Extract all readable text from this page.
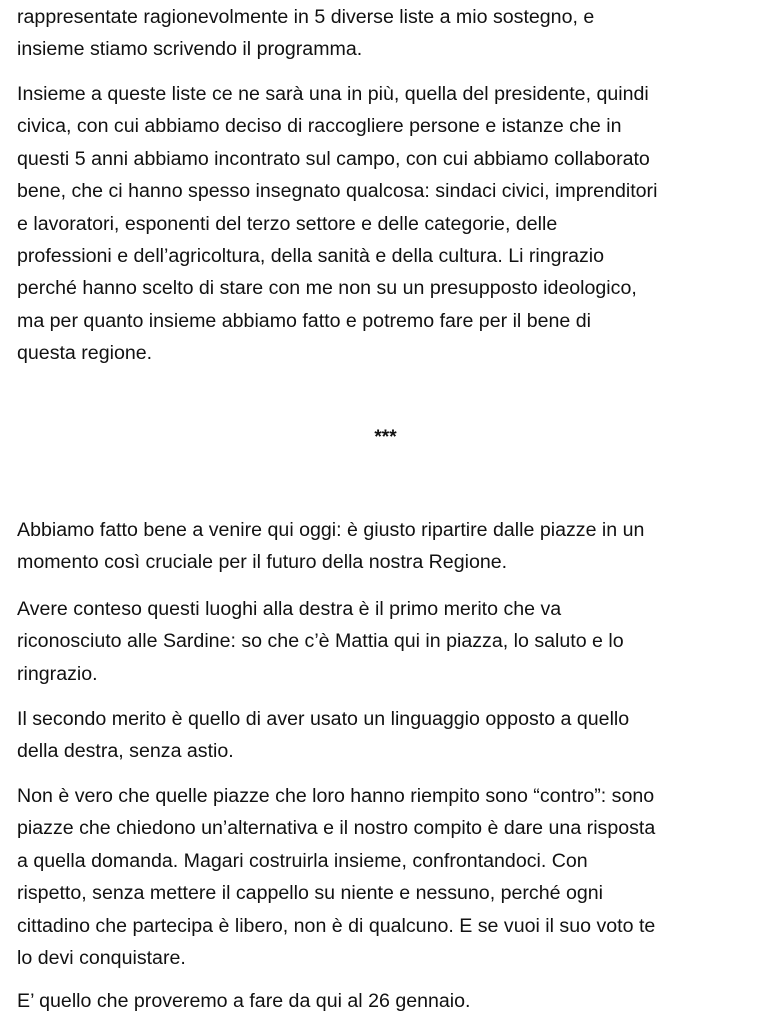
rappresentate ragionevolmente in 5 diverse liste a mio sostegno, e
insieme stiamo scrivendo il programma.

Insieme a queste liste ce ne sarà una in più, quella del presidente, quindi
civica, con cui abbiamo deciso di raccogliere persone e istanze che in
questi 5 anni abbiamo incontrato sul campo, con cui abbiamo collaborato
bene, che ci hanno spesso insegnato qualcosa: sindaci civici, imprenditori
e lavoratori, esponenti del terzo settore e delle categorie, delle
professioni e dell’agricoltura, della sanità e della cultura. Li ringrazio
perché hanno scelto di stare con me non su un presupposto ideologico,
ma per quanto insieme abbiamo fatto e potremo fare per il bene di
questa regione.

***

Abbiamo fatto bene a venire qui oggi: è giusto ripartire dalle piazze in un
momento così cruciale per il futuro della nostra Regione.

Avere conteso questi luoghi alla destra è il primo merito che va
riconosciuto alle Sardine: so che c’è Mattia qui in piazza, lo saluto e lo
ringrazio.

Il secondo merito è quello di aver usato un linguaggio opposto a quello
della destra, senza astio.

Non è vero che quelle piazze che loro hanno riempito sono “contro”: sono
piazze che chiedono un’alternativa e il nostro compito è dare una risposta
a quella domanda. Magari costruirla insieme, confrontandoci. Con
rispetto, senza mettere il cappello su niente e nessuno, perché ogni
cittadino che partecipa è libero, non è di qualcuno. E se vuoi il suo voto te
lo devi conquistare.

E’ quello che proveremo a fare da qui al 26 gennaio.
